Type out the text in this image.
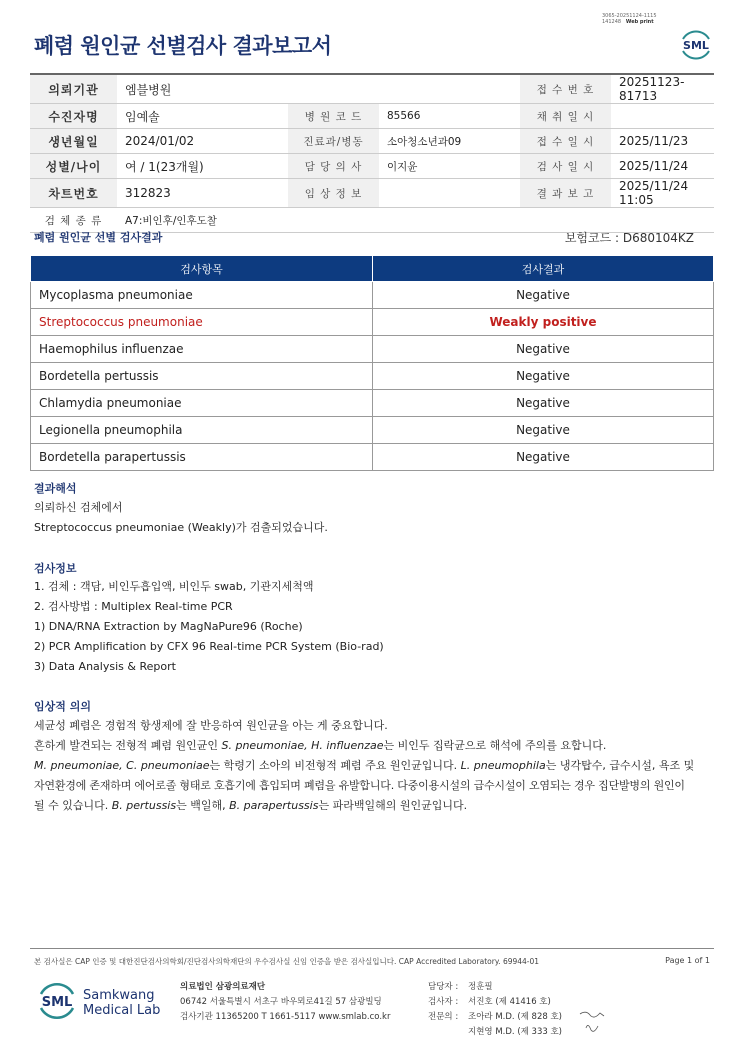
3065-20251124-1115
141248 Web print
폐렴 원인균 선별검사 결과보고서	SML
의뢰기관	엠블병원			접 수 번 호	20251123-81713
수진자명	임예솔	병 원 코 드	85566	채 취 일 시	
생년월일	2024/01/02	진료과/병동	소아청소년과09	접 수 일 시	2025/11/23
성별/나이	여 / 1(23개월)	담 당 의 사	이지윤	검 사 일 시	2025/11/24
차트번호	312823	임 상 정 보		결 과 보 고	2025/11/24 11:05
검 체 종 류	A7:비인후/인후도찰				
폐렴 원인균 선별 검사결과	보험코드 : D680104KZ
검사항목	검사결과
Mycoplasma pneumoniae	Negative
Streptococcus pneumoniae	Weakly positive
Haemophilus influenzae	Negative
Bordetella pertussis	Negative
Chlamydia pneumoniae	Negative
Legionella pneumophila	Negative
Bordetella parapertussis	Negative
결과해석
의뢰하신 검체에서
Streptococcus pneumoniae (Weakly)가 검출되었습니다.
검사정보
1. 검체 : 객담, 비인두흡입액, 비인두 swab, 기관지세척액
2. 검사방법 : Multiplex Real-time PCR
1) DNA/RNA Extraction by MagNaPure96 (Roche)
2) PCR Amplification by CFX 96 Real-time PCR System (Bio-rad)
3) Data Analysis & Report
임상적 의의
세균성 폐렴은 경험적 항생제에 잘 반응하여 원인균을 아는 게 중요합니다.
흔하게 발견되는 전형적 폐렴 원인균인 S. pneumoniae, H. influenzae는 비인두 집락균으로 해석에 주의를 요합니다.
M. pneumoniae, C. pneumoniae는 학령기 소아의 비전형적 폐렴 주요 원인균입니다. L. pneumophila는 냉각탑수, 급수시설, 욕조 및
자연환경에 존재하며 에어로졸 형태로 호흡기에 흡입되며 폐렴을 유발합니다. 다중이용시설의 급수시설이 오염되는 경우 집단발병의 원인이
될 수 있습니다. B. pertussis는 백일해, B. parapertussis는 파라백일해의 원인균입니다.
본 검사실은 CAP 인증 및 대한진단검사의학회/진단검사의학재단의 우수검사실 신임 인증을 받은 검사실입니다. CAP Accredited Laboratory. 69944-01	Page 1 of 1
SML Samkwang
Medical Lab
의료법인 삼광의료재단
06742 서울특별시 서초구 바우뫼로41길 57 삼광빌딩
검사기관 11365200 T 1661-5117 www.smlab.co.kr
담당자 : 정훈필
검사자 : 서진호 (제 41416 호)
전문의 : 조아라 M.D. (제 828 호)
지현영 M.D. (제 333 호)
